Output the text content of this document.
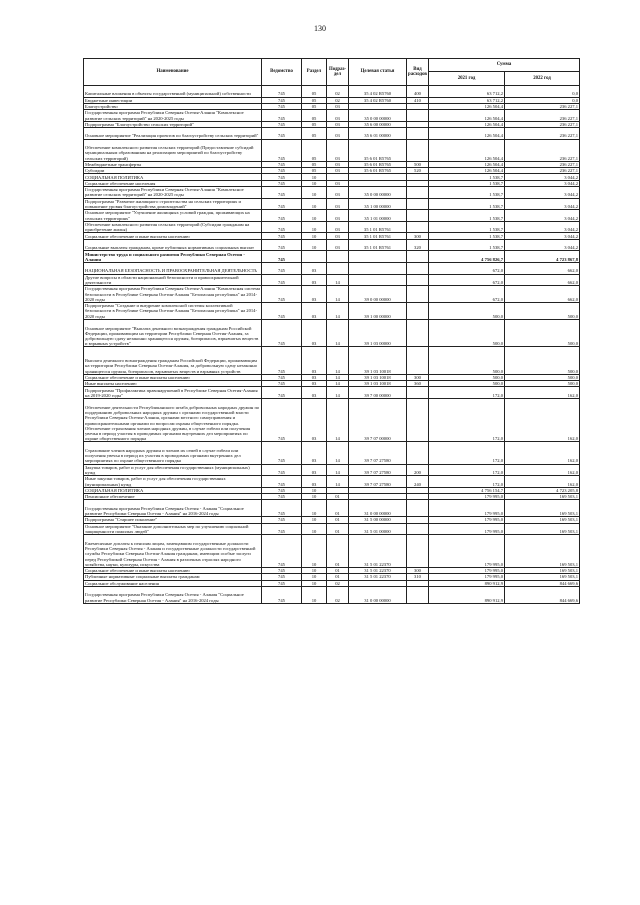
130
Наименование	Ведомство	Раздел	Подраз-дел	Целевая статья	Вид расходов	Сумма	
						2021 год	2022 год
Капитальные вложения в объекты государственной (муниципальной) собственности	745	05	02	35 4 02 R5760	400	63 712,2	0,0
Бюджетные инвестиции	745	05	02	35 4 02 R5760	410	63 712,2	0,0
Благоустройство	745	05	03			126 504,4	236 227,1
Государственная программа Республики Северная Осетия-Алания "Комплексное развитие сельских территорий" на 2020-2025 годы	745	05	03	35 0 00 00000		126 504,4	236 227,1
Подпрограмма "Благоустройство сельских территорий"	745	05	03	35 6 00 00000		126 504,4	236 227,1
Основное мероприятие "Реализация проектов по благоустройству сельских территорий"	745	05	03	35 6 01 00000		126 504,4	236 227,1
Обеспечение комплексного развития сельских территорий (Предоставление субсидий муниципальным образованиям на реализацию мероприятий по благоустройству сельских территорий)	745	05	03	35 6 01 R5765		126 504,4	236 227,1
Межбюджетные трансферты	745	05	03	35 6 01 R5765	500	126 504,4	236 227,1
Субсидии	745	05	03	35 6 01 R5765	520	126 504,4	236 227,1
СОЦИАЛЬНАЯ ПОЛИТИКА	745	10				1 538,7	3 044,2
Социальное обеспечение населения	745	10	03			1 538,7	3 044,2
Государственная программа Республики Северная Осетия-Алания "Комплексное развитие сельских территорий" на 2020-2025 годы	745	10	03	35 0 00 00000		1 538,7	3 044,2
Подпрограмма "Развитие жилищного строительства на сельских территориях и повышение уровня благоустройства домовладений"	745	10	03	35 1 00 00000		1 538,7	3 044,2
Основное мероприятие "Улучшение жилищных условий граждан, проживающих на сельских территориях"	745	10	03	35 1 01 00000		1 538,7	3 044,2
Обеспечение комплексного развития сельских территорий (Субсидии гражданам на приобретение жилья)	745	10	03	35 1 01 R5761		1 538,7	3 044,2
Социальное обеспечение и иные выплаты населению	745	10	03	35 1 01 R5761	300	1 538,7	3 044,2
Социальные выплаты гражданам, кроме публичных нормативных социальных выплат	745	10	03	35 1 01 R5761	320	1 538,7	3 044,2
Министерство труда и социального развития Республики Северная Осетия - Алания	745					4 756 826,7	4 723 867,8
НАЦИОНАЛЬНАЯ БЕЗОПАСНОСТЬ И ПРАВООХРАНИТЕЛЬНАЯ ДЕЯТЕЛЬНОСТЬ	745	03				672,0	662,0
Другие вопросы в области национальной безопасности и правоохранительной деятельности	745	03	14			672,0	662,0
Государственная программа Республики Северная Осетия-Алания "Комплексная система безопасности в Республике Северная Осетия-Алания "Безопасная республика" на 2014-2020 годы	745	03	14	39 0 00 00000		672,0	662,0
Подпрограмма "Создание и внедрение комплексной системы коллективной безопасности в Республике Северная Осетия-Алания "Безопасная республика" на 2014-2020 годы	745	03	14	39 1 00 00000		500,0	500,0
Основное мероприятие "Выплата денежного вознаграждения гражданам Российской Федерации, проживающим на территории Республики Северная Осетия-Алания, за добровольную сдачу незаконно хранящегося оружия, боеприпасов, взрывчатых веществ и взрывных устройств"	745	03	14	39 1 03 00000		500,0	500,0
Выплата денежного вознаграждения гражданам Российской Федерации, проживающим на территории Республики Северная Осетия-Алания, за добровольную сдачу незаконно хранящегося оружия, боеприпасов, взрывчатых веществ и взрывных устройств	745	03	14	39 1 03 10018		500,0	500,0
Социальное обеспечение и иные выплаты населению	745	03	14	39 1 03 10018	300	500,0	500,0
Иные выплаты населению	745	03	14	39 1 03 10018	360	500,0	500,0
Подпрограмма "Профилактика правонарушений в Республике Северная Осетия-Алания на 2019-2020 годы"	745	03	14	39 7 00 00000		172,0	162,0
Обеспечение деятельности Республиканского штаба добровольных народных дружин по поддержанию добровольных народных дружин с органами государственной власти Республики Северная Осетия-Алания, органами местного самоуправления и правоохранительными органами по вопросам охраны общественного порядка. Обеспечение страхования членов народных дружин, в случае гибели или получения увечья в период участия в проводимых органами внутренних дел мероприятиях по охране общественного порядка	745	03	14	39 7 07 00000		172,0	162,0
Страхование членов народных дружин и членов их семей в случае гибели или получения увечья в период их участия в проводимых органами внутренних дел мероприятиях по охране общественного порядка	745	03	14	39 7 07 27580		172,0	162,0
Закупка товаров, работ и услуг для обеспечения государственных (муниципальных) нужд	745	03	14	39 7 07 27580	200	172,0	162,0
Иные закупки товаров, работ и услуг для обеспечения государственных (муниципальных) нужд	745	03	14	39 7 07 27580	240	172,0	162,0
СОЦИАЛЬНАЯ ПОЛИТИКА	745	10				4 756 154,7	4 723 205,8
Пенсионное обеспечение	745	10	01			179 995,0	169 503,1
Государственная программа Республики Северная Осетия - Алания "Социальное развитие Республики Северная Осетия - Алания" на 2016-2024 годы	745	10	01	31 0 00 00000		179 995,0	169 503,1
Подпрограмма "Старшее поколение"	745	10	01	31 5 00 00000		179 995,0	169 503,1
Основное мероприятие "Оказание дополнительных мер по улучшению социальной защищенности пожилых людей"	745	10	01	31 5 01 00000		179 995,0	169 503,1
Ежемесячные доплаты к пенсиям лицам, замещавшим государственные должности Республики Северная Осетия - Алания и государственные должности государственной службы Республики Северная Осетия-Алания гражданам, имеющим особые заслуги перед Республикой Северная Осетия - Алания в различных отраслях народного хозяйства, науки, культуры, искусства	745	10	01	31 5 01 22370		179 995,0	169 503,1
Социальное обеспечение и иные выплаты населению	745	10	01	31 5 01 22370	300	179 995,0	169 503,1
Публичные нормативные социальные выплаты гражданам	745	10	01	31 5 01 22370	310	179 995,0	169 503,1
Социальное обслуживание населения	745	10	02			890 912,9	844 669,6
Государственная программа Республики Северная Осетия - Алания "Социальное развитие Республики Северная Осетия - Алания" на 2016-2024 годы	745	10	02	31 0 00 00000		890 912,9	844 669,6
